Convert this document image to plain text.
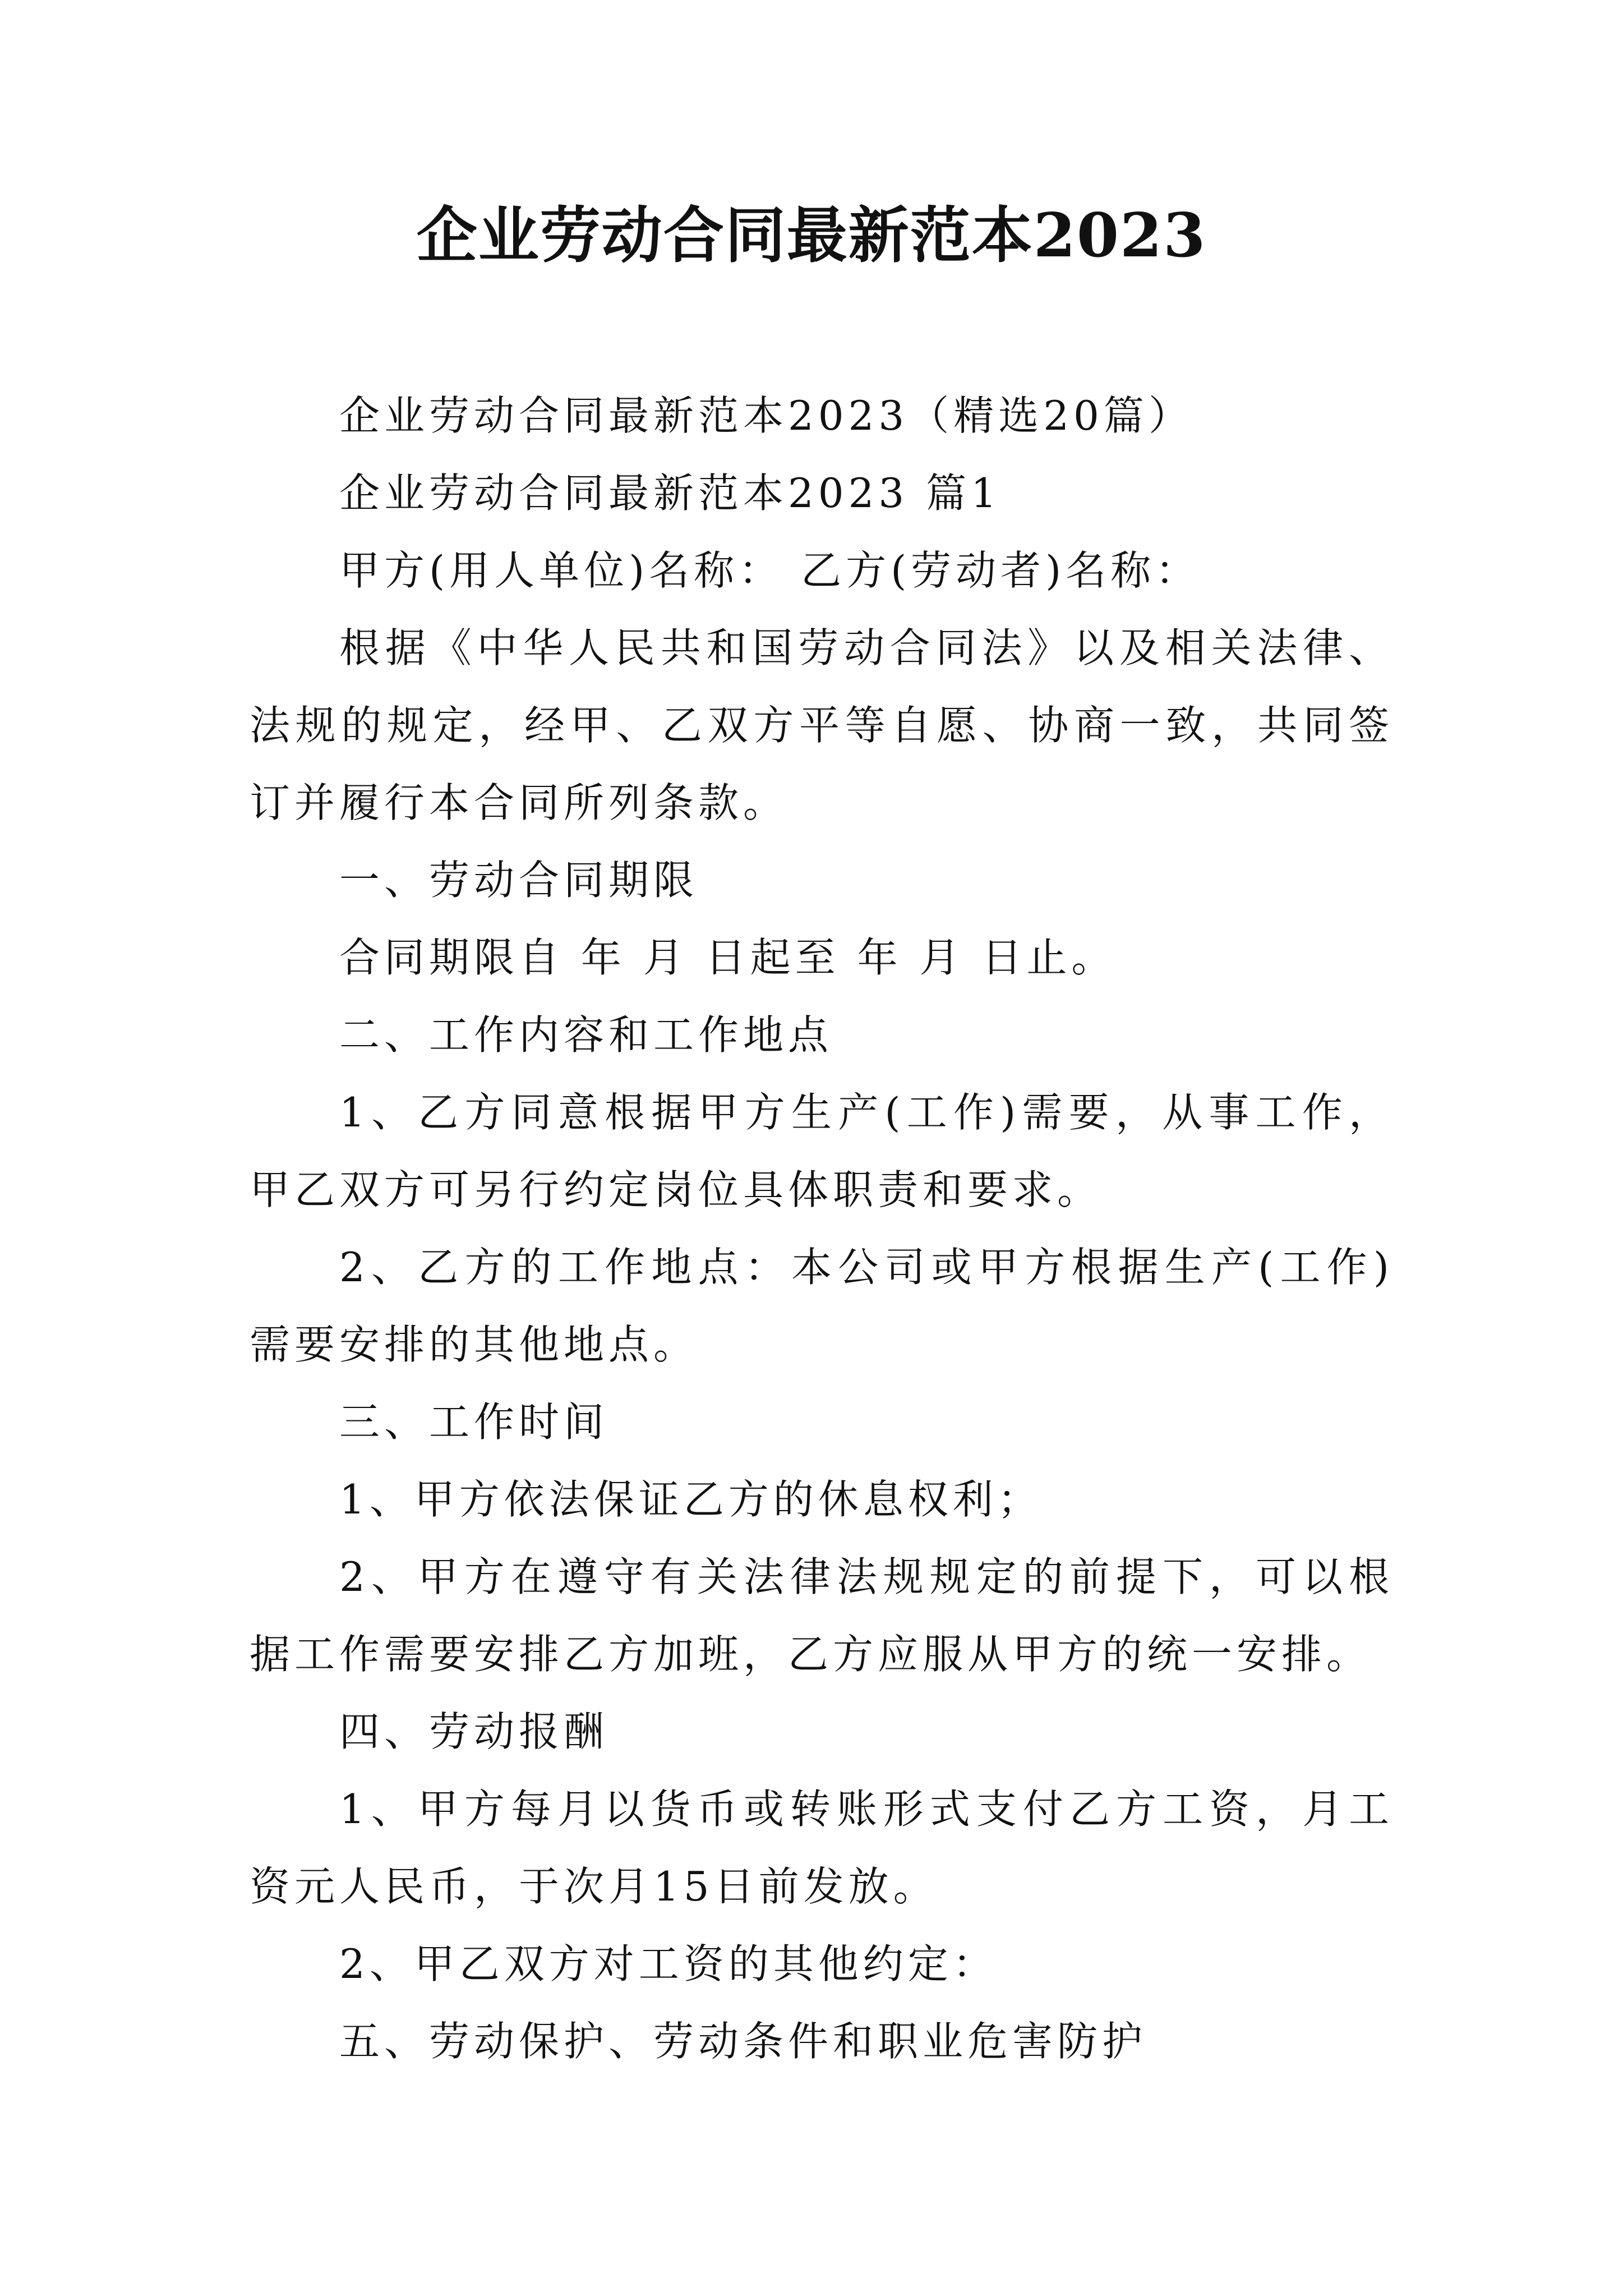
企业劳动合同最新范本2023

企业劳动合同最新范本2023（精选20篇）

企业劳动合同最新范本2023 篇1

甲方(用人单位)名称： 乙方(劳动者)名称：

根据《中华人民共和国劳动合同法》以及相关法律、法规的规定，经甲、乙双方平等自愿、协商一致，共同签订并履行本合同所列条款。

一、劳动合同期限

合同期限自 年 月 日起至 年 月 日止。

二、工作内容和工作地点

1、乙方同意根据甲方生产(工作)需要，从事工作，甲乙双方可另行约定岗位具体职责和要求。

2、乙方的工作地点：本公司或甲方根据生产(工作)需要安排的其他地点。

三、工作时间

1、甲方依法保证乙方的休息权利；

2、甲方在遵守有关法律法规规定的前提下，可以根据工作需要安排乙方加班，乙方应服从甲方的统一安排。

四、劳动报酬

1、甲方每月以货币或转账形式支付乙方工资，月工资元人民币，于次月15日前发放。

2、甲乙双方对工资的其他约定：

五、劳动保护、劳动条件和职业危害防护
